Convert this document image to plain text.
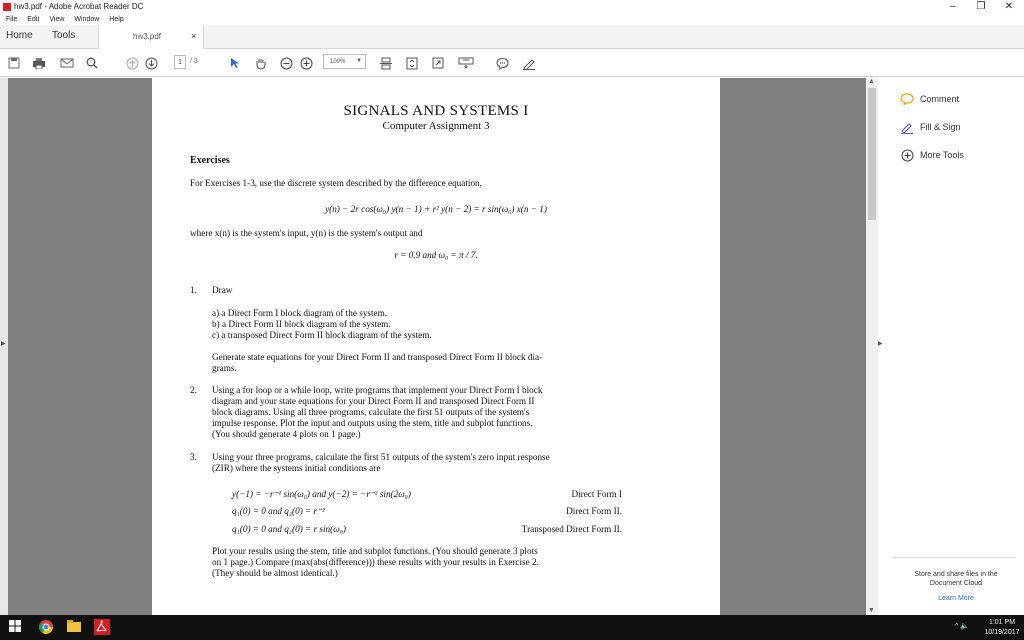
hw3.pdf - Adobe Acrobat Reader DC	–	❐	✕
File Edit View Window Help
Home Tools	hw3.pdf	×
1	/ 3	100% ▼
▶
SIGNALS AND SYSTEMS I
Computer Assignment 3
Exercises
For Exercises 1-3, use the discrete system described by the difference equation,
y(n) − 2r cos(ω₀) y(n − 1) + r² y(n − 2) = r sin(ω₀) x(n − 1)
where x(n) is the system's input, y(n) is the system's output and
r = 0.9 and ω₀ = π / 7.
1. Draw
a) a Direct Form I block diagram of the system.
b) a Direct Form II block diagram of the system.
c) a transposed Direct Form II block diagram of the system.
Generate state equations for your Direct Form II and transposed Direct Form II block dia-
grams.
2. Using a for loop or a while loop, write programs that implement your Direct Form I block
diagram and your state equations for your Direct Form II and transposed Direct Form II
block diagrams. Using all three programs, calculate the first 51 outputs of the system's
impulse response. Plot the input and outputs using the stem, title and subplot functions.
(You should generate 4 plots on 1 page.)
3. Using your three programs, calculate the first 51 outputs of the system's zero input response
(ZIR) where the systems initial conditions are
y(−1) = −r⁻¹ sin(ω₀) and y(−2) = −r⁻² sin(2ω₀)	Direct Form I
q₁(0) = 0 and q₂(0) = r⁻²	Direct Form II.
q₁(0) = 0 and q₂(0) = r sin(ω₀)	Transposed Direct Form II.
Plot your results using the stem, title and subplot functions. (You should generate 3 plots
on 1 page.) Compare (max(abs(difference))) these results with your results in Exercise 2.
(They should be almost identical.)
▲
▼
▶
Comment
Fill & Sign
More Tools
Store and share files in the
Document Cloud
Learn More
^ 🔈
1:01 PM
10/19/2017
